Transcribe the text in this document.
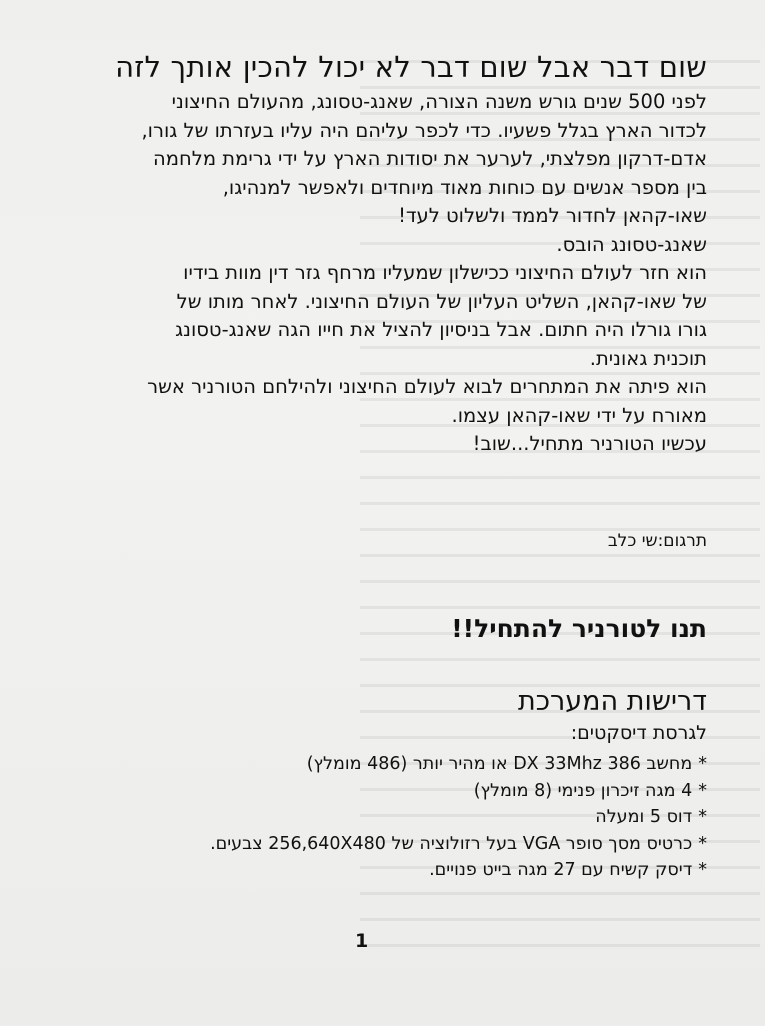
שום דבר אבל שום דבר לא יכול להכין אותך לזה

לפני 500 שנים גורש משנה הצורה, שאנג-טסונג, מהעולם החיצוני

לכדור הארץ בגלל פשעיו. כדי לכפר עליהם היה עליו בעזרתו של גורו,

אדם-דרקון מפלצתי, לערער את יסודות הארץ על ידי גרימת מלחמה

בין מספר אנשים עם כוחות מאוד מיוחדים ולאפשר למנהיגו,

שאו-קהאן לחדור לממד ולשלוט לעד!

שאנג-טסונג הובס.

הוא חזר לעולם החיצוני ככישלון שמעליו מרחף גזר דין מוות בידיו

של שאו-קהאן, השליט העליון של העולם החיצוני. לאחר מותו של

גורו גורלו היה חתום. אבל בניסיון להציל את חייו הגה שאנג-טסונג

תוכנית גאונית.

הוא פיתה את המתחרים לבוא לעולם החיצוני ולהילחם הטורניר אשר

מאורח על ידי שאו-קהאן עצמו.

עכשיו הטורניר מתחיל...שוב!

תרגום:שי כלב
תנו לטורניר להתחיל!!
דרישות המערכת
לגרסת דיסקטים:
*מחשב 386 DX 33Mhz או מהיר יותר (486 מומלץ)
*4 מגה זיכרון פנימי (8 מומלץ)
*דוס 5 ומעלה
*כרטיס מסך סופר VGA בעל רזולוציה של 256,640X480 צבעים.
*דיסק קשיח עם 27 מגה בייט פנויים.
1
